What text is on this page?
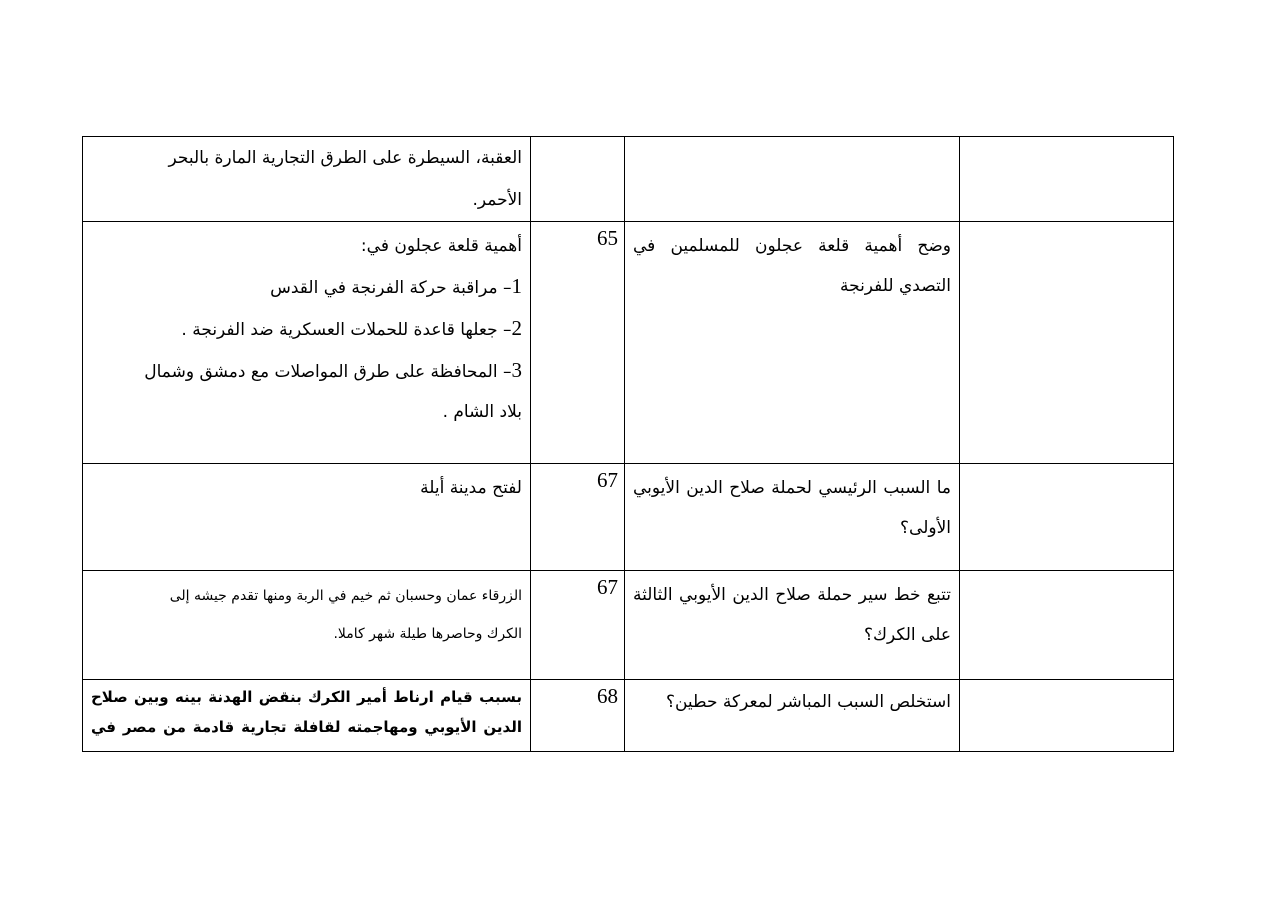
			العقبة، السيطرة على الطرق التجارية المارة بالبحر
الأحمر.

	وضح أهمية قلعة عجلون للمسلمين في التصدي للفرنجة	65	أهمية قلعة عجلون في:
1– مراقبة حركة الفرنجة في القدس
2– جعلها قاعدة للحملات العسكرية ضد الفرنجة .
3– المحافظة على طرق المواصلات مع دمشق وشمال
بلاد الشام .

	ما السبب الرئيسي لحملة صلاح الدين الأيوبي الأولى؟	67	لفتح مدينة أيلة

	تتبع خط سير حملة صلاح الدين الأيوبي الثالثة على الكرك؟	67	الزرقاء عمان وحسبان ثم خيم في الربة ومنها تقدم جيشه إلى
الكرك وحاصرها طيلة شهر كاملا.

	استخلص السبب المباشر لمعركة حطين؟	68	بسبب قيام ارناط أمير الكرك بنقض الهدنة بينه وبين صلاح
الدين الأيوبي ومهاجمته لقافلة تجارية قادمة من مصر في
